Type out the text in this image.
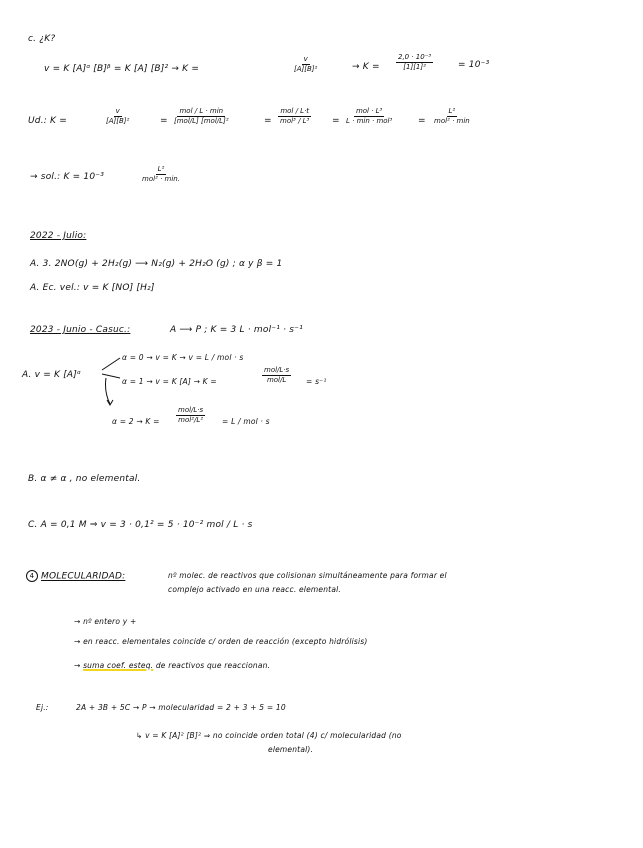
c. ¿K?
v = K [A]ᵅ [B]ᵝ = K [A] [B]² → K =	$\frac{v}{\text{[A][B]²}}$	→ $K = \frac{\text{2,0 · 10⁻³}}{\text{[1][1]²}}$	= 10⁻³
Ud.: K =	$\frac{v}{\text{[A][B]²}}$	=
mol / L · min
[mol/L] [mol/L]²	=
mol / L·t
mol³ / L³	=
mol · L³
L · min · mol³	=
L²
mol² · min
→ sol.: K = 10⁻³
L²
mol² · min.
2022 - Julio:
A. 3. 2NO(g) + 2H₂(g) ⟶ N₂(g) + 2H₂O (g) ; α y β = 1
A. Ec. vel.: v = K [NO] [H₂]
2023 - Junio - Casuc.:	A ⟶ P ; K = 3 L · mol⁻¹ · s⁻¹
A. v = K [A]ᵅ
α = 0 → v = K → v = L / mol · s
α = 1 → v = K [A] → K =
mol/L·s
mol/L	= s⁻¹
α = 2 → K =
mol/L·s
mol²/L²	= L / mol · s
B. α ≠ α , no elemental.
C. A = 0,1 M ⇒ v = 3 · 0,1² = 5 · 10⁻² mol / L · s
4 MOLECULARIDAD:	nº molec. de reactivos que colisionan simultáneamente para formar el
complejo activado en una reacc. elemental.
→ nº entero y +
→ en reacc. elementales coincide c/ orden de reacción (excepto hidrólisis)
→ suma coef. esteq. de reactivos que reaccionan.
Ej.:	2A + 3B + 5C → P → molecularidad = 2 + 3 + 5 = 10
↳ v = K [A]² [B]² ⇒ no coincide orden total (4) c/ molecularidad (no
elemental).
